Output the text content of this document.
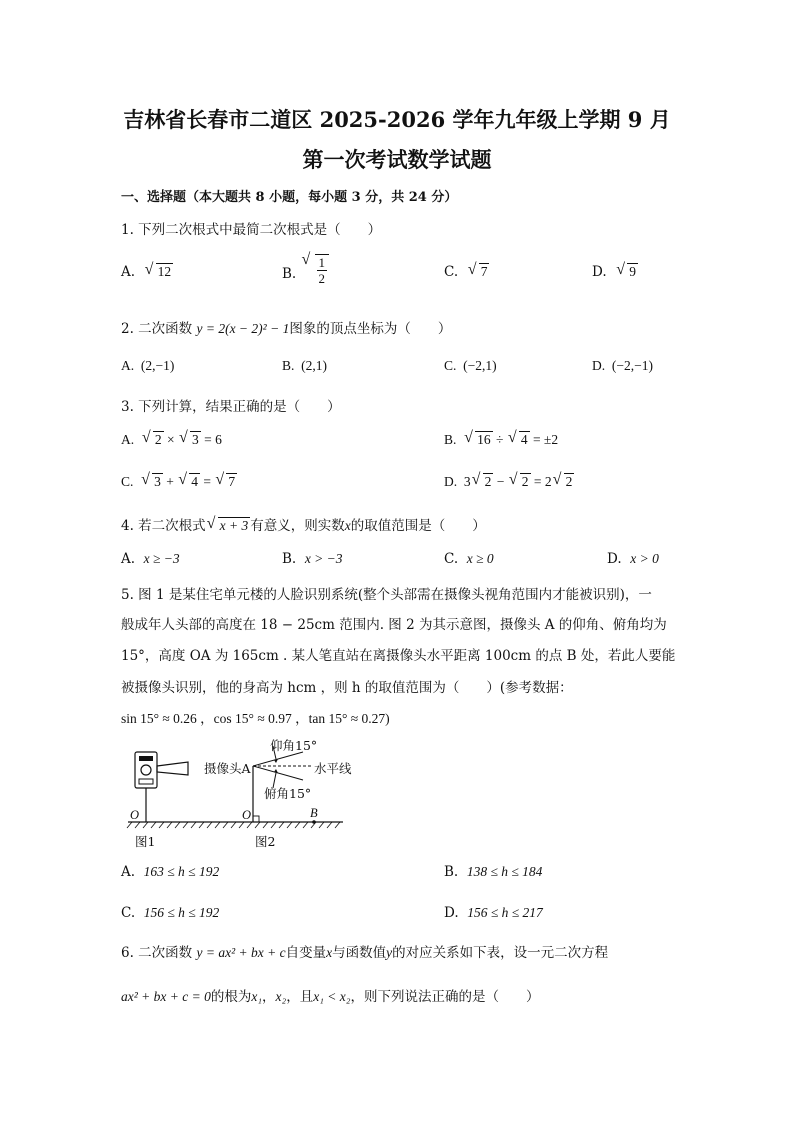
吉林省长春市二道区 2025-2026 学年九年级上学期 9 月
第一次考试数学试题
一、选择题（本大题共 8 小题，每小题 3 分，共 24 分）
1. 下列二次根式中最简二次根式是（　　）
A. √ 12	B. √ $\frac{1}{2}$	C. √ 7	D. √ 9
2. 二次函数 y = 2(x − 2)² − 1图象的顶点坐标为（　　）
A. (2,−1)	B. (2,1)	C. (−2,1)	D. (−2,−1)
3. 下列计算，结果正确的是（　　）
A. √ 2 × √ 3 = 6	B. √ 16 ÷ √ 4 = ±2
C. √ 3 + √ 4 = √ 7	D. 3 √ 2 − √ 2 = 2 √ 2
4. 若二次根式 √ x + 3 有意义，则实数x的取值范围是（　　）
A. x ≥ −3	B. x > −3	C. x ≥ 0	D. x > 0
5. 图 1 是某住宅单元楼的人脸识别系统(整个头部需在摄像头视角范围内才能被识别)，一
般成年人头部的高度在 18 − 25cm 范围内. 图 2 为其示意图，摄像头 A 的仰角、俯角均为
15°，高度 OA 为 165cm . 某人笔直站在离摄像头水平距离 100cm 的点 B 处，若此人要能
被摄像头识别，他的身高为 hcm ，则 h 的取值范围为（　　）(参考数据：
sin 15° ≈ 0.26 ，cos 15° ≈ 0.97 ，tan 15° ≈ 0.27)
仰角15°
摄像头A	水平线
俯角15°
O	O	B
图1	图2
A. 163 ≤ h ≤ 192	B. 138 ≤ h ≤ 184
C. 156 ≤ h ≤ 192	D. 156 ≤ h ≤ 217
6. 二次函数 y = ax² + bx + c自变量x与函数值y的对应关系如下表，设一元二次方程
ax² + bx + c = 0的根为x₁，x₂，且x₁ < x₂，则下列说法正确的是（　　）
